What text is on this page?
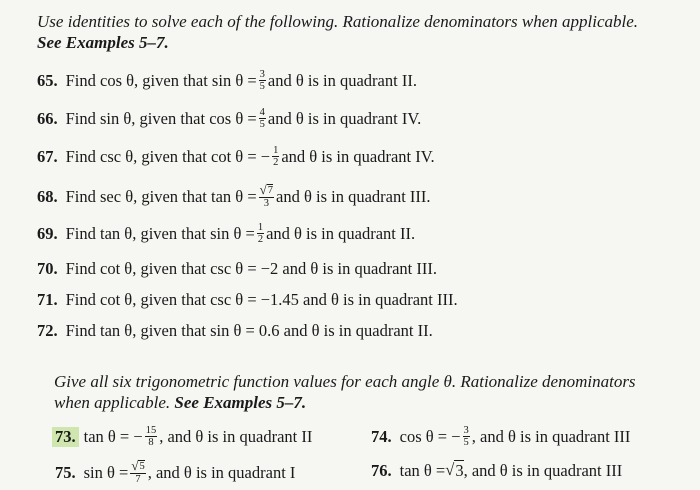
Use identities to solve each of the following. Rationalize denominators when applicable.
See Examples 5–7.
65. Find cos θ, given that $\sin \theta = \frac{3}{5}$ and θ is in quadrant II.
66. Find sin θ, given that $\cos \theta = \frac{4}{5}$ and θ is in quadrant IV.
67. Find csc θ, given that cot θ = − $\frac{1}{2}$ and θ is in quadrant IV.
68. Find sec θ, given that $\tan \theta = \frac{√ 7}{3}$ and θ is in quadrant III.
69. Find tan θ, given that $\sin \theta = \frac{1}{2}$ and θ is in quadrant II.
70. Find cot θ, given that csc θ = −2 and θ is in quadrant III.
71. Find cot θ, given that csc θ = −1.45 and θ is in quadrant III.
72. Find tan θ, given that sin θ = 0.6 and θ is in quadrant II.
Give all six trigonometric function values for each angle θ. Rationalize denominators
when applicable. See Examples 5–7.
73. tan θ = − $\frac{15}{8}$ , and θ is in quadrant II	74. cos θ = − $\frac{3}{5}$ , and θ is in quadrant III
75. $\sin \theta = \frac{√ 5}{7}$ , and θ is in quadrant I	76. tan θ = √ 3 , and θ is in quadrant III
